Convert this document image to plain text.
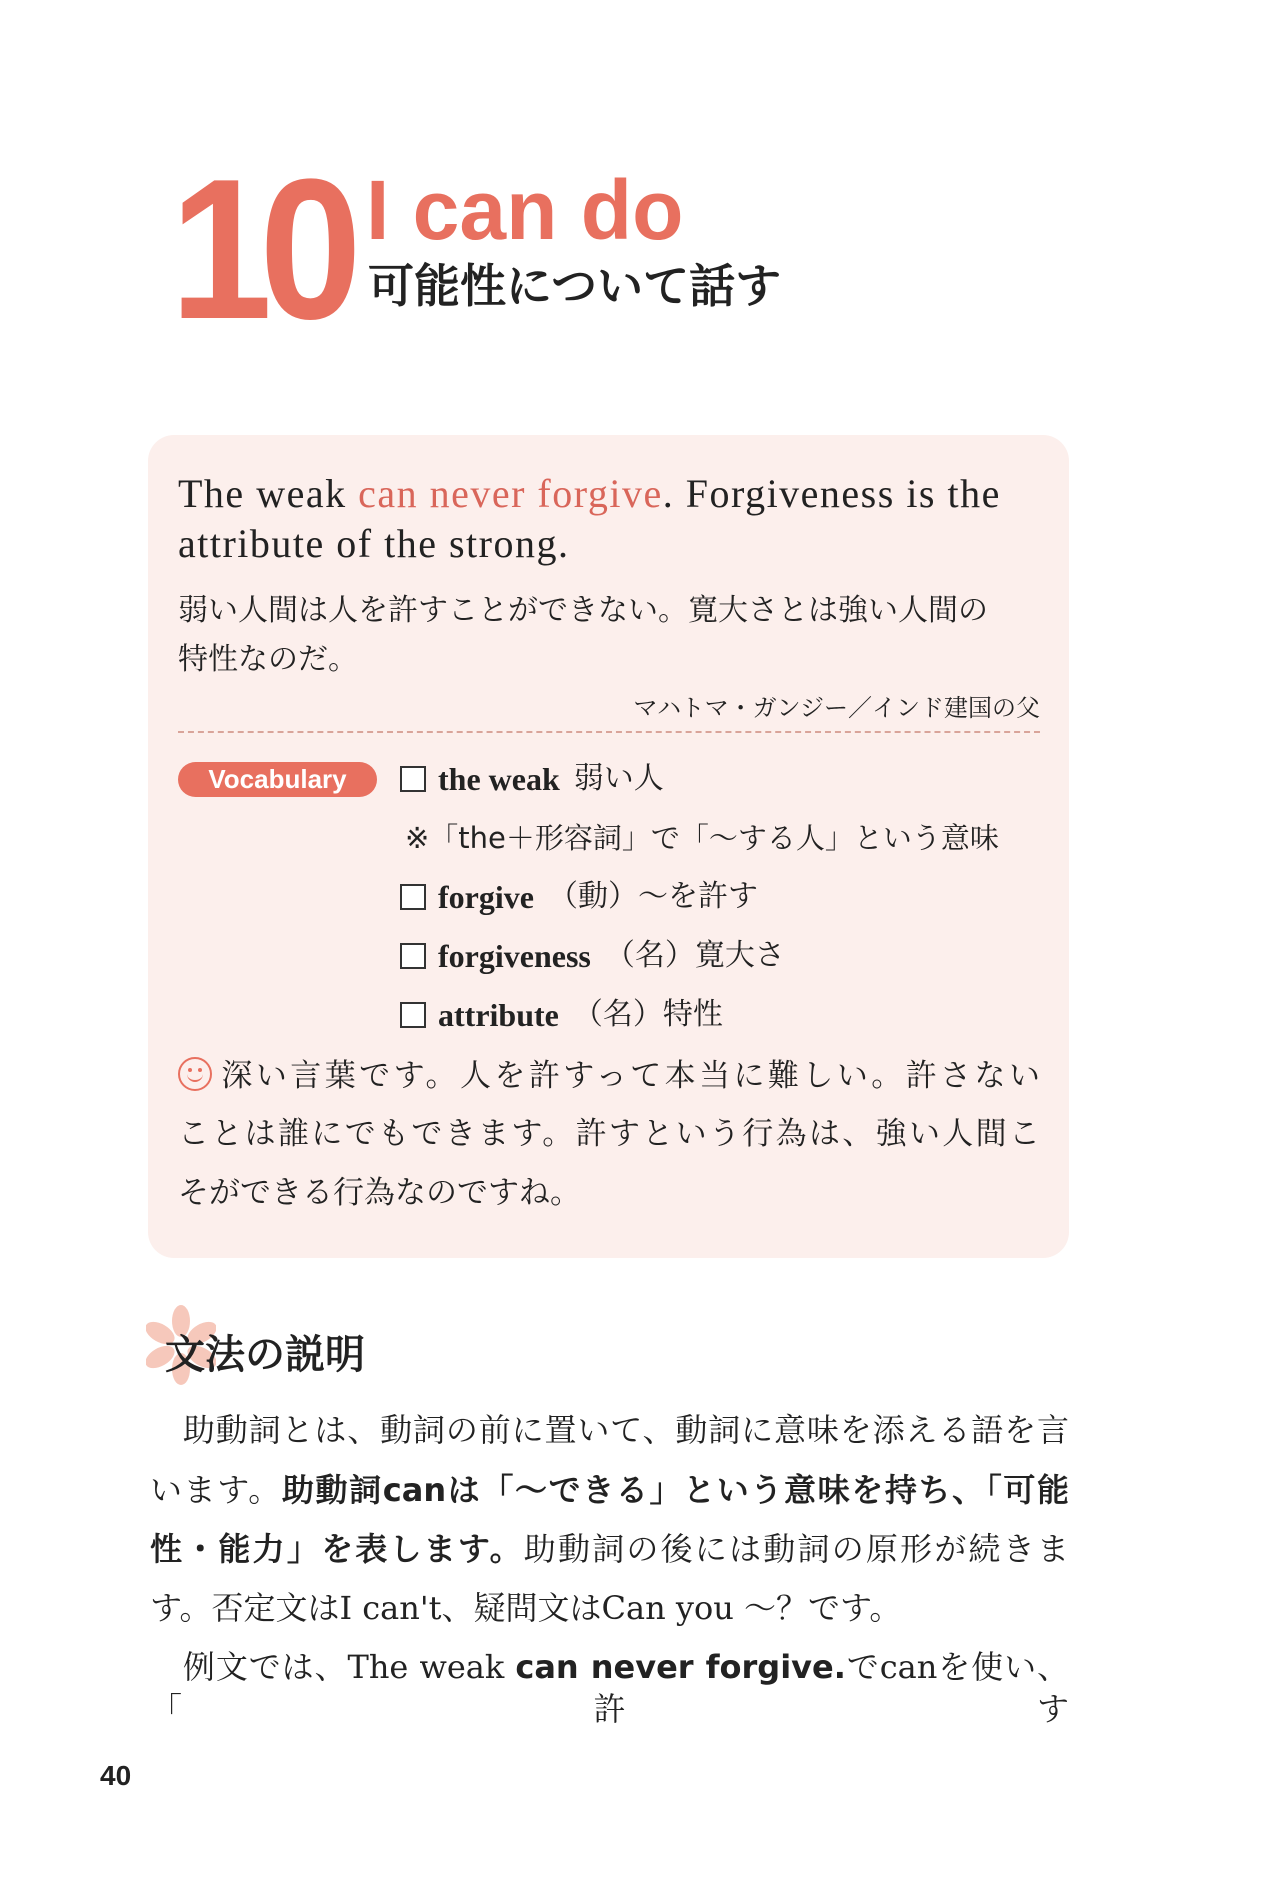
10 I can do
可能性について話す
The weak can never forgive. Forgiveness is the
attribute of the strong.
弱い人間は人を許すことができない。寛大さとは強い人間の
特性なのだ。
マハトマ・ガンジー／インド建国の父
Vocabulary	the weak 弱い人
※「the＋形容詞」で「～する人」という意味
forgive （動）～を許す
forgiveness （名）寛大さ
attribute （名）特性
深い言葉です。人を許すって本当に難しい。許さない
ことは誰にでもできます。許すという行為は、強い人間こ
そができる行為なのですね。
文法の説明
　助動詞とは、動詞の前に置いて、動詞に意味を添える語を言
います。助動詞canは「～できる」という意味を持ち、「可能
性・能力」を表します。助動詞の後には動詞の原形が続きま
す。否定文はI can't、疑問文はCan you ～？です。
　例文では、The weak can never forgive.でcanを使い、「許す
40
